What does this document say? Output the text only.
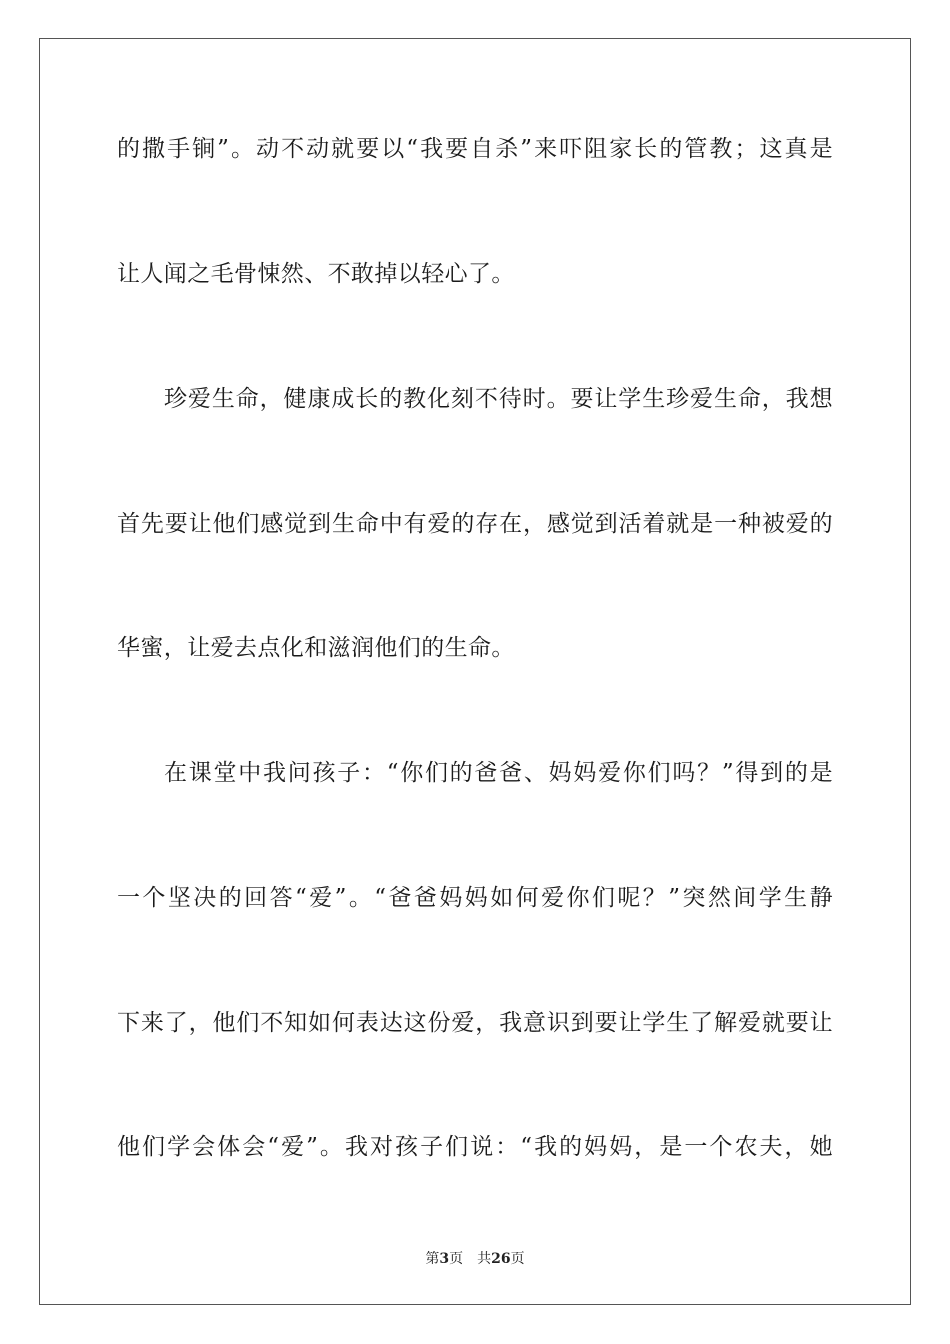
的撒手锏”。动不动就要以“我要自杀”来吓阻家长的管教；这真是
让人闻之毛骨悚然、不敢掉以轻心了。
珍爱生命，健康成长的教化刻不待时。要让学生珍爱生命，我想
首先要让他们感觉到生命中有爱的存在，感觉到活着就是一种被爱的
华蜜，让爱去点化和滋润他们的生命。
在课堂中我问孩子：“你们的爸爸、妈妈爱你们吗？”得到的是
一个坚决的回答“爱”。“爸爸妈妈如何爱你们呢？”突然间学生静
下来了，他们不知如何表达这份爱，我意识到要让学生了解爱就要让
他们学会体会“爱”。我对孩子们说：“我的妈妈，是一个农夫，她
第3页 共26页
